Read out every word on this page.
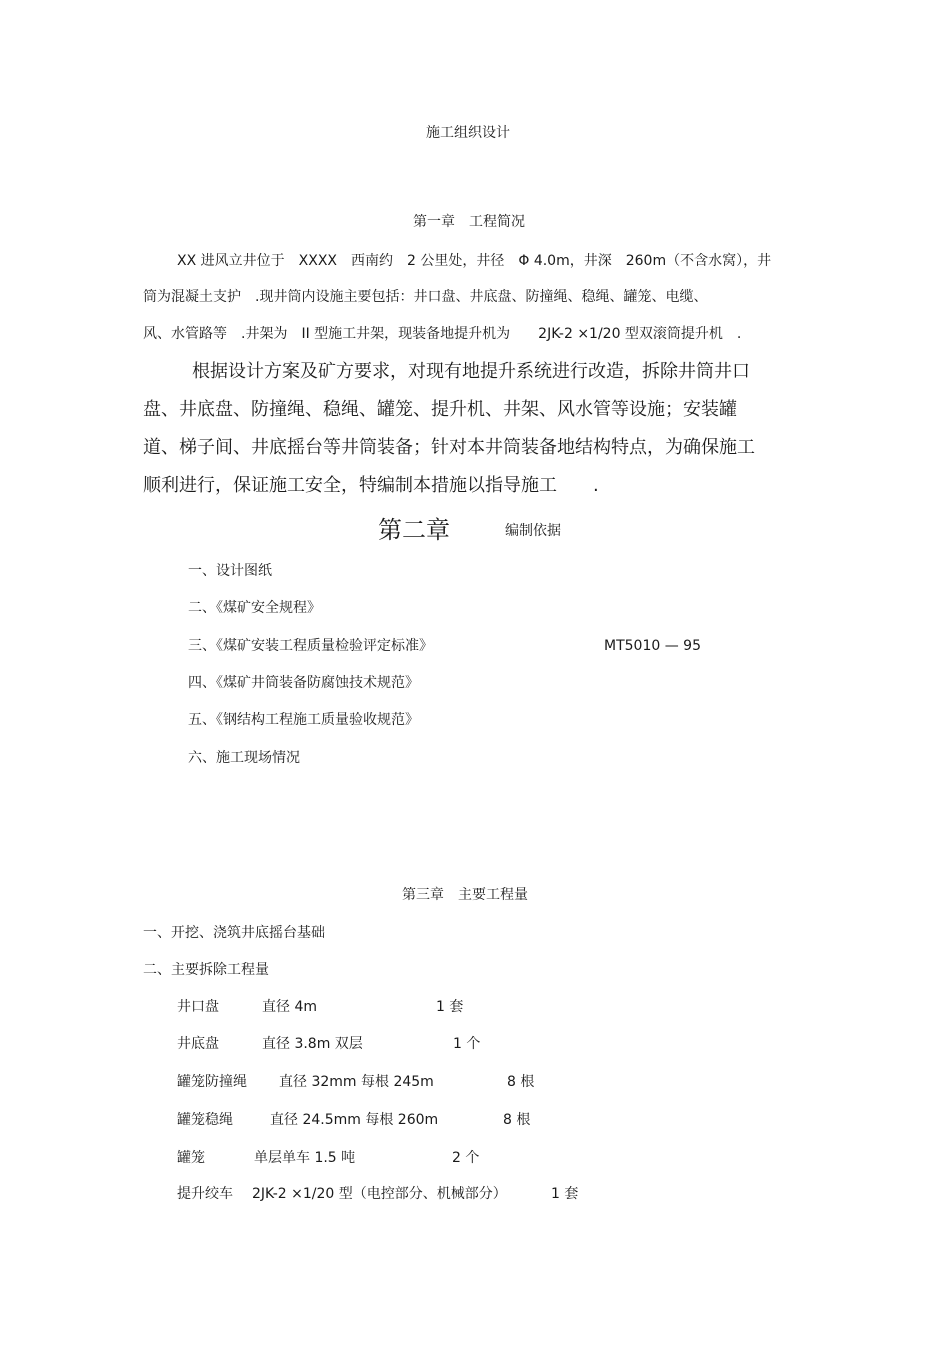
施工组织设计
第一章　工程简况
XX 进风立井位于　XXXX　西南约　2 公里处，井径　Φ 4.0m，井深　260m（不含水窝），井
筒为混凝土支护　.现井筒内设施主要包括：井口盘、井底盘、防撞绳、稳绳、罐笼、电缆、
风、水管路等　.井架为　II 型施工井架，现装备地提升机为　　2JK-2 ×1/20 型双滚筒提升机　.
根据设计方案及矿方要求，对现有地提升系统进行改造，拆除井筒井口
盘、井底盘、防撞绳、稳绳、罐笼、提升机、井架、风水管等设施；安装罐
道、梯子间、井底摇台等井筒装备；针对本井筒装备地结构特点，为确保施工
顺利进行，保证施工安全，特编制本措施以指导施工　　.
第二章	编制依据
一、设计图纸
二、《煤矿安全规程》
三、《煤矿安装工程质量检验评定标准》	MT5010 — 95
四、《煤矿井筒装备防腐蚀技术规范》
五、《钢结构工程施工质量验收规范》
六、施工现场情况
第三章　主要工程量
一、开挖、浇筑井底摇台基础
二、主要拆除工程量
井口盘	直径 4m	1 套
井底盘	直径 3.8m 双层	1 个
罐笼防撞绳 直径 32mm 每根 245m	8 根
罐笼稳绳	直径 24.5mm 每根 260m	8 根
罐笼	单层单车 1.5 吨	2 个
提升绞车 2JK-2 ×1/20 型（电控部分、机械部分）	1 套
